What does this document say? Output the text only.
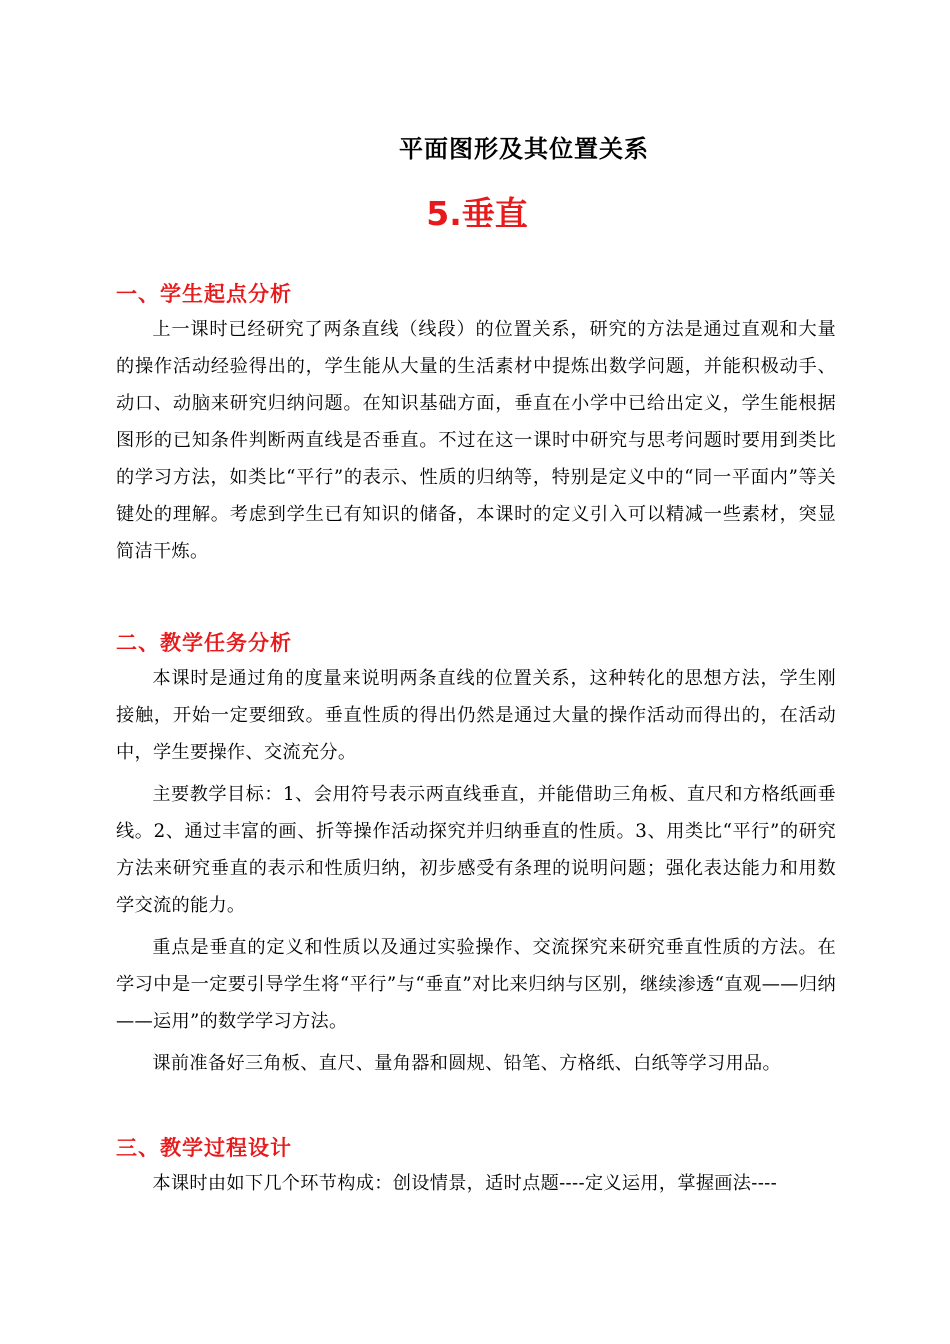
平面图形及其位置关系
5.垂直
一、学生起点分析

上一课时已经研究了两条直线（线段）的位置关系，研究的方法是通过直观和大量的操作活动经验得出的，学生能从大量的生活素材中提炼出数学问题，并能积极动手、动口、动脑来研究归纳问题。在知识基础方面，垂直在小学中已给出定义，学生能根据图形的已知条件判断两直线是否垂直。不过在这一课时中研究与思考问题时要用到类比的学习方法，如类比“平行”的表示、性质的归纳等，特别是定义中的“同一平面内”等关键处的理解。考虑到学生已有知识的储备，本课时的定义引入可以精减一些素材，突显简洁干炼。

二、教学任务分析

本课时是通过角的度量来说明两条直线的位置关系，这种转化的思想方法，学生刚接触，开始一定要细致。垂直性质的得出仍然是通过大量的操作活动而得出的，在活动中，学生要操作、交流充分。

主要教学目标：1、会用符号表示两直线垂直，并能借助三角板、直尺和方格纸画垂线。2、通过丰富的画、折等操作活动探究并归纳垂直的性质。3、用类比“平行”的研究方法来研究垂直的表示和性质归纳，初步感受有条理的说明问题；强化表达能力和用数学交流的能力。

重点是垂直的定义和性质以及通过实验操作、交流探究来研究垂直性质的方法。在学习中是一定要引导学生将“平行”与“垂直”对比来归纳与区别，继续渗透“直观——归纳——运用”的数学学习方法。

课前准备好三角板、直尺、量角器和圆规、铅笔、方格纸、白纸等学习用品。

三、教学过程设计

本课时由如下几个环节构成：创设情景，适时点题----定义运用，掌握画法----
